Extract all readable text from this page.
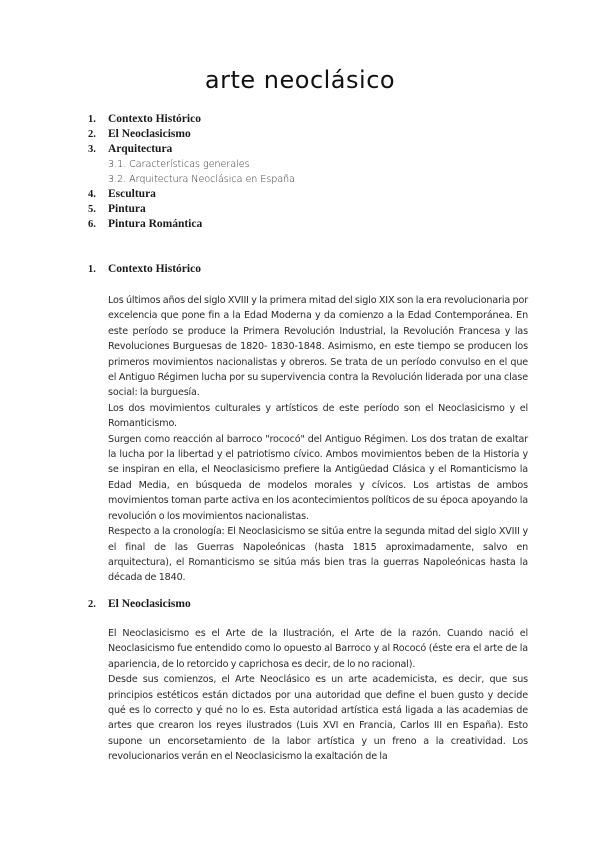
arte neoclásico
1.	Contexto Histórico
2.	El Neoclasicismo
3.	Arquitectura
3.1. Características generales
3.2. Arquitectura Neoclásica en España
4.	Escultura
5.	Pintura
6.	Pintura Romántica
1.	Contexto Histórico

Los últimos años del siglo XVIII y la primera mitad del siglo XIX son la era revolucionaria por excelencia que pone fin a la Edad Moderna y da comienzo a la Edad Contemporánea. En este período se produce la Primera Revolución Industrial, la Revolución Francesa y las Revoluciones Burguesas de 1820- 1830-1848. Asimismo, en este tiempo se producen los primeros movimientos nacionalistas y obreros. Se trata de un período convulso en el que el Antiguo Régimen lucha por su supervivencia contra la Revolución liderada por una clase social: la burguesía.

Los dos movimientos culturales y artísticos de este período son el Neoclasicismo y el Romanticismo.

Surgen como reacción al barroco "rococó" del Antiguo Régimen. Los dos tratan de exaltar la lucha por la libertad y el patriotismo cívico. Ambos movimientos beben de la Historia y se inspiran en ella, el Neoclasicismo prefiere la Antigüedad Clásica y el Romanticismo la Edad Media, en búsqueda de modelos morales y cívicos. Los artistas de ambos movimientos toman parte activa en los acontecimientos políticos de su época apoyando la revolución o los movimientos nacionalistas.

Respecto a la cronología: El Neoclasicismo se sitúa entre la segunda mitad del siglo XVIII y el final de las Guerras Napoleónicas (hasta 1815 aproximadamente, salvo en arquitectura), el Romanticismo se sitúa más bien tras la guerras Napoleónicas hasta la década de 1840.

2.	El Neoclasicismo

El Neoclasicismo es el Arte de la Ilustración, el Arte de la razón. Cuando nació el Neoclasicismo fue entendido como lo opuesto al Barroco y al Rococó (éste era el arte de la apariencia, de lo retorcido y caprichosa es decir, de lo no racional).

Desde sus comienzos, el Arte Neoclásico es un arte academicista, es decir, que sus principios estéticos están dictados por una autoridad que define el buen gusto y decide qué es lo correcto y qué no lo es. Esta autoridad artística está ligada a las academias de artes que crearon los reyes ilustrados (Luis XVI en Francia, Carlos III en España). Esto supone un encorsetamiento de la labor artística y un freno a la creatividad. Los revolucionarios verán en el Neoclasicismo la exaltación de la
